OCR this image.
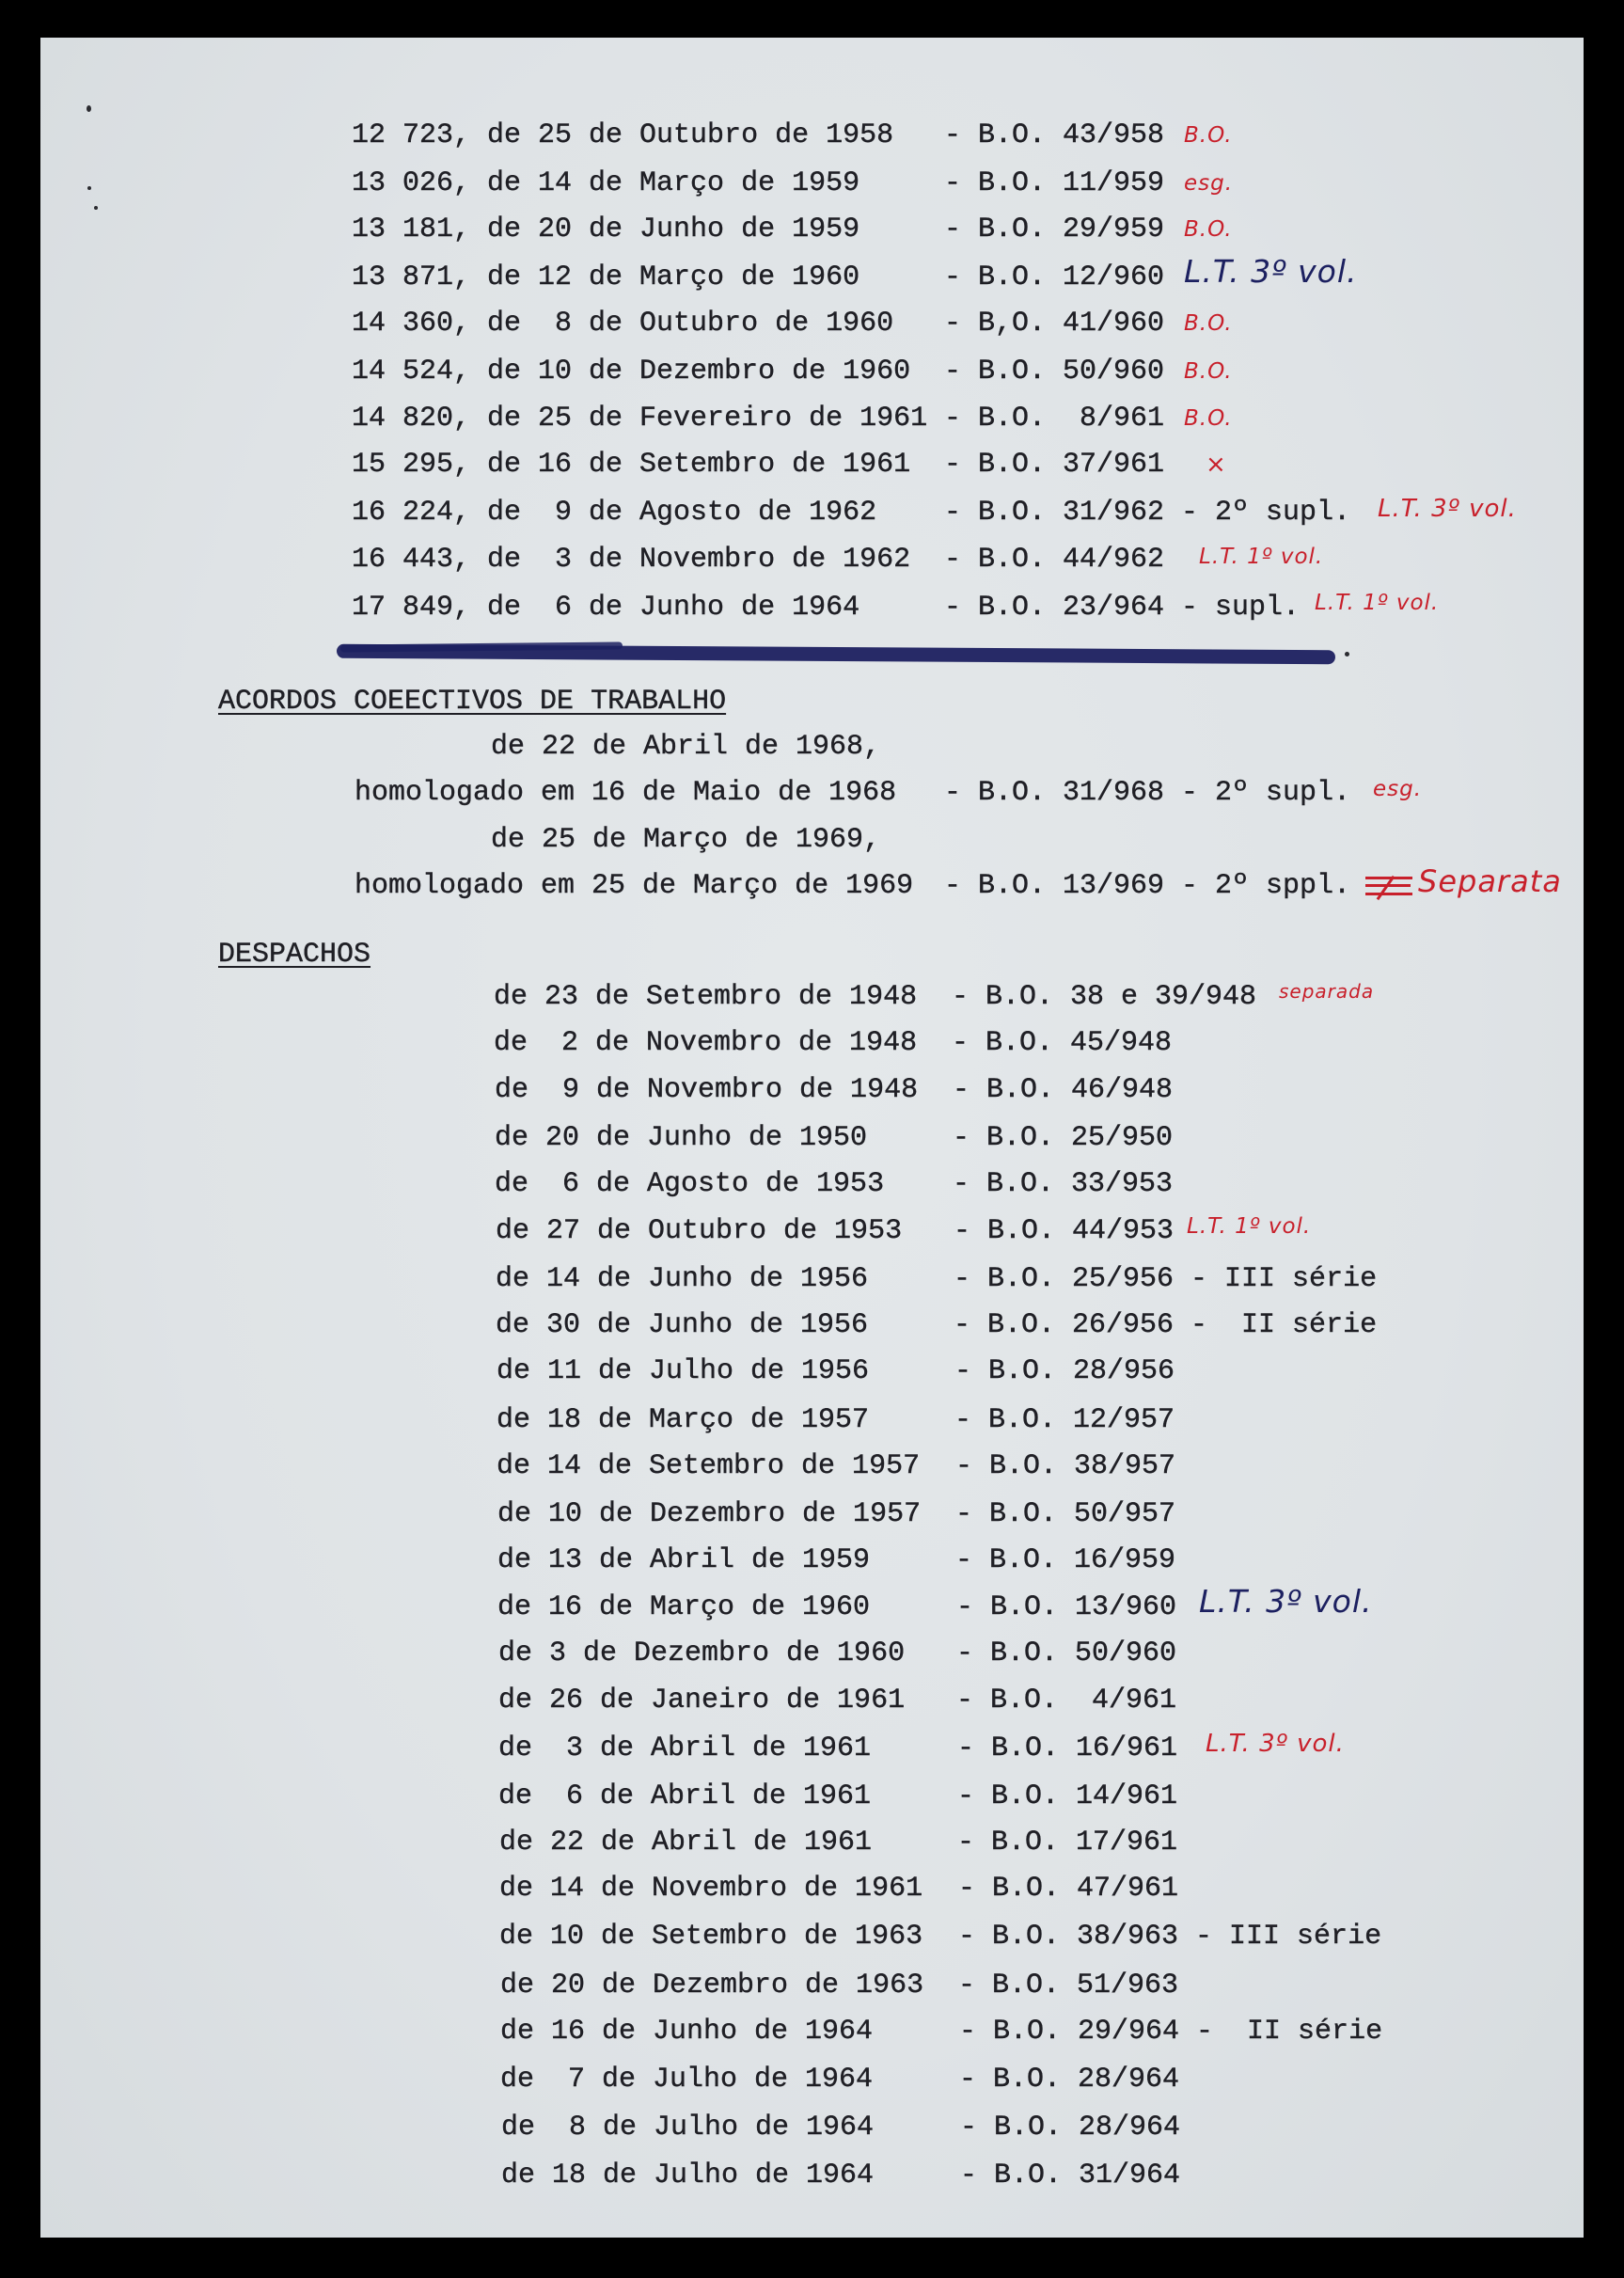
12 723, de 25 de Outubro de 1958 - B.O. 43/958 B.O.
13 026, de 14 de Março de 1959	- B.O. 11/959 esg.
13 181, de 20 de Junho de 1959	- B.O. 29/959 B.O.
13 871, de 12 de Março de 1960	- B.O. 12/960 L.T. 3º vol.
14 360, de  8 de Outubro de 1960 - B,O. 41/960 B.O.
14 524, de 10 de Dezembro de 1960 - B.O. 50/960 B.O.
14 820, de 25 de Fevereiro de 1961 - B.O.  8/961 B.O.
15 295, de 16 de Setembro de 1961 - B.O. 37/961 ×
16 224, de  9 de Agosto de 1962 - B.O. 31/962 - 2º supl. L.T. 3º vol.
16 443, de  3 de Novembro de 1962 - B.O. 44/962 L.T. 1º vol.
17 849, de  6 de Junho de 1964	- B.O. 23/964 - supl. L.T. 1º vol.
ACORDOS COEECTIVOS DE TRABALHO
de 22 de Abril de 1968,
homologado em 16 de Maio de 1968 - B.O. 31/968 - 2º supl. esg.
de 25 de Março de 1969,
homologado em 25 de Março de 1969 - B.O. 13/969 - 2º sppl. Separata
DESPACHOS
de 23 de Setembro de 1948 - B.O. 38 e 39/948 separada
de  2 de Novembro de 1948 - B.O. 45/948
de  9 de Novembro de 1948 - B.O. 46/948
de 20 de Junho de 1950	- B.O. 25/950
de  6 de Agosto de 1953 - B.O. 33/953
de 27 de Outubro de 1953 - B.O. 44/953 L.T. 1º vol.
de 14 de Junho de 1956	- B.O. 25/956 - III série
de 30 de Junho de 1956	- B.O. 26/956 -  II série
de 11 de Julho de 1956	- B.O. 28/956
de 18 de Março de 1957	- B.O. 12/957
de 14 de Setembro de 1957 - B.O. 38/957
de 10 de Dezembro de 1957 - B.O. 50/957
de 13 de Abril de 1959	- B.O. 16/959
de 16 de Março de 1960	- B.O. 13/960 L.T. 3º vol.
de 3 de Dezembro de 1960 - B.O. 50/960
de 26 de Janeiro de 1961 - B.O.  4/961
de  3 de Abril de 1961	- B.O. 16/961 L.T. 3º vol.
de  6 de Abril de 1961	- B.O. 14/961
de 22 de Abril de 1961	- B.O. 17/961
de 14 de Novembro de 1961 - B.O. 47/961
de 10 de Setembro de 1963 - B.O. 38/963 - III série
de 20 de Dezembro de 1963 - B.O. 51/963
de 16 de Junho de 1964	- B.O. 29/964 -  II série
de  7 de Julho de 1964	- B.O. 28/964
de  8 de Julho de 1964	- B.O. 28/964
de 18 de Julho de 1964	- B.O. 31/964
